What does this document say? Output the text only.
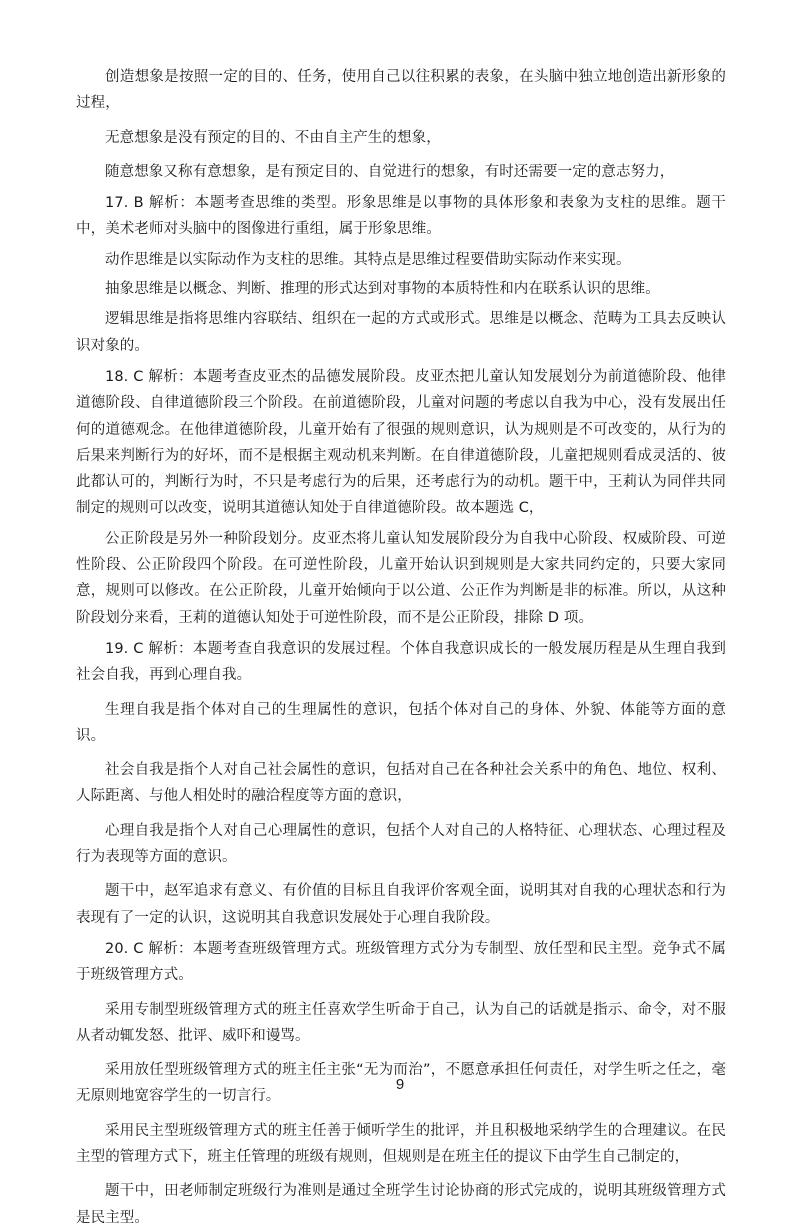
创造想象是按照一定的目的、任务，使用自己以往积累的表象，在头脑中独立地创造出新形象的过程，

无意想象是没有预定的目的、不由自主产生的想象，

随意想象又称有意想象，是有预定目的、自觉进行的想象，有时还需要一定的意志努力，

17. B 解析：本题考查思维的类型。形象思维是以事物的具体形象和表象为支柱的思维。题干中，美术老师对头脑中的图像进行重组，属于形象思维。

动作思维是以实际动作为支柱的思维。其特点是思维过程要借助实际动作来实现。

抽象思维是以概念、判断、推理的形式达到对事物的本质特性和内在联系认识的思维。

逻辑思维是指将思维内容联结、组织在一起的方式或形式。思维是以概念、范畴为工具去反映认识对象的。

18. C 解析：本题考查皮亚杰的品德发展阶段。皮亚杰把儿童认知发展划分为前道德阶段、他律道德阶段、自律道德阶段三个阶段。在前道德阶段，儿童对问题的考虑以自我为中心，没有发展出任何的道德观念。在他律道德阶段，儿童开始有了很强的规则意识，认为规则是不可改变的，从行为的后果来判断行为的好坏，而不是根据主观动机来判断。在自律道德阶段，儿童把规则看成灵活的、彼此都认可的，判断行为时，不只是考虑行为的后果，还考虑行为的动机。题干中，王莉认为同伴共同制定的规则可以改变，说明其道德认知处于自律道德阶段。故本题选 C，

公正阶段是另外一种阶段划分。皮亚杰将儿童认知发展阶段分为自我中心阶段、权威阶段、可逆性阶段、公正阶段四个阶段。在可逆性阶段，儿童开始认识到规则是大家共同约定的，只要大家同意，规则可以修改。在公正阶段，儿童开始倾向于以公道、公正作为判断是非的标准。所以，从这种阶段划分来看，王莉的道德认知处于可逆性阶段，而不是公正阶段，排除 D 项。

19. C 解析：本题考查自我意识的发展过程。个体自我意识成长的一般发展历程是从生理自我到社会自我，再到心理自我。

生理自我是指个体对自己的生理属性的意识，包括个体对自己的身体、外貌、体能等方面的意识。

社会自我是指个人对自己社会属性的意识，包括对自己在各种社会关系中的角色、地位、权利、人际距离、与他人相处时的融洽程度等方面的意识，

心理自我是指个人对自己心理属性的意识，包括个人对自己的人格特征、心理状态、心理过程及行为表现等方面的意识。

题干中，赵军追求有意义、有价值的目标且自我评价客观全面，说明其对自我的心理状态和行为表现有了一定的认识，这说明其自我意识发展处于心理自我阶段。

20. C 解析：本题考查班级管理方式。班级管理方式分为专制型、放任型和民主型。竞争式不属于班级管理方式。

采用专制型班级管理方式的班主任喜欢学生听命于自己，认为自己的话就是指示、命令，对不服从者动辄发怒、批评、威吓和谩骂。

采用放任型班级管理方式的班主任主张“无为而治”，不愿意承担任何责任，对学生听之任之，毫无原则地宽容学生的一切言行。

采用民主型班级管理方式的班主任善于倾听学生的批评，并且积极地采纳学生的合理建议。在民主型的管理方式下，班主任管理的班级有规则，但规则是在班主任的提议下由学生自己制定的，

题干中，田老师制定班级行为准则是通过全班学生讨论协商的形式完成的，说明其班级管理方式是民主型。

9
